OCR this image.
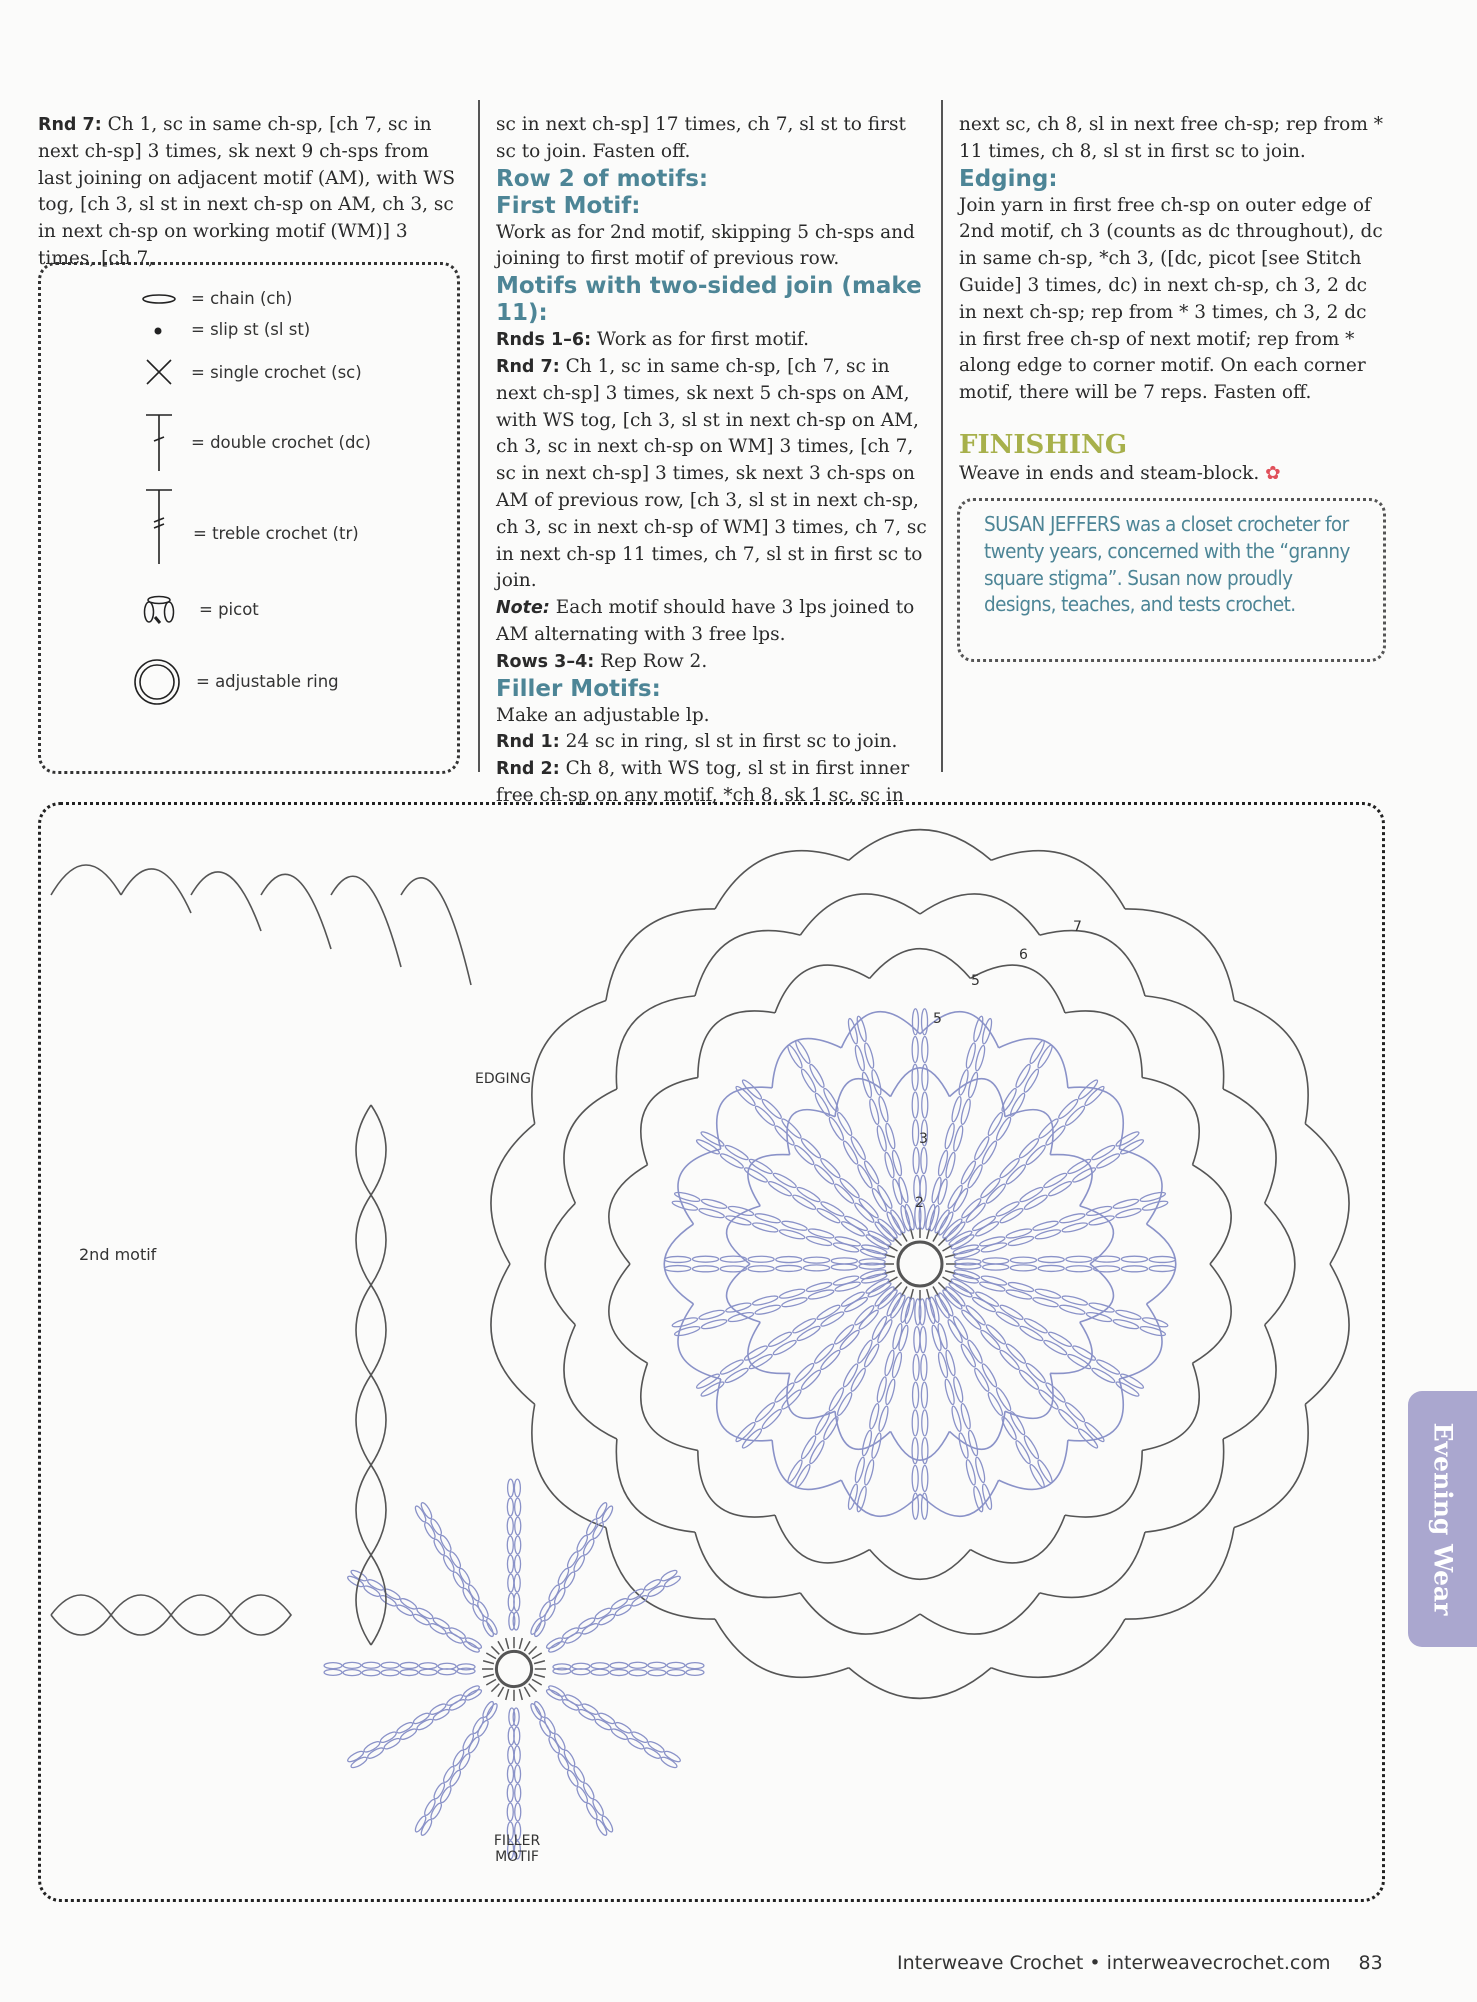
Rnd 7: Ch 1, sc in same ch-sp, [ch 7, sc in next ch-sp] 3 times, sk next 9 ch-sps from last joining on adjacent motif (AM), with WS tog, [ch 3, sl st in next ch-sp on AM, ch 3, sc in next ch-sp on working motif (WM)] 3 times, [ch 7,

= chain (ch)
= slip st (sl st)
= single crochet (sc)
= double crochet (dc)
= treble crochet (tr)
= picot
= adjustable ring

sc in next ch-sp] 17 times, ch 7, sl st to first sc to join. Fasten off.

Row 2 of motifs:

First Motif:

Work as for 2nd motif, skipping 5 ch-sps and joining to first motif of previous row.

Motifs with two-sided join (make 11):

Rnds 1–6: Work as for first motif.

Rnd 7: Ch 1, sc in same ch-sp, [ch 7, sc in next ch-sp] 3 times, sk next 5 ch-sps on AM, with WS tog, [ch 3, sl st in next ch-sp on AM, ch 3, sc in next ch-sp on WM] 3 times, [ch 7, sc in next ch-sp] 3 times, sk next 3 ch-sps on AM of previous row, [ch 3, sl st in next ch-sp, ch 3, sc in next ch-sp of WM] 3 times, ch 7, sc in next ch-sp 11 times, ch 7, sl st in first sc to join.

Note: Each motif should have 3 lps joined to AM alternating with 3 free lps.

Rows 3–4: Rep Row 2.

Filler Motifs:

Make an adjustable lp.

Rnd 1: 24 sc in ring, sl st in first sc to join.

Rnd 2: Ch 8, with WS tog, sl st in first inner free ch-sp on any motif, *ch 8, sk 1 sc, sc in

next sc, ch 8, sl in next free ch-sp; rep from * 11 times, ch 8, sl st in first sc to join.

Edging:

Join yarn in first free ch-sp on outer edge of 2nd motif, ch 3 (counts as dc throughout), dc in same ch-sp, *ch 3, ([dc, picot [see Stitch Guide] 3 times, dc) in next ch-sp, ch 3, 2 dc in next ch-sp; rep from * 3 times, ch 3, 2 dc in first free ch-sp of next motif; rep from * along edge to corner motif. On each corner motif, there will be 7 reps. Fasten off.

FINISHING

Weave in ends and steam-block. ✿

SUSAN JEFFERS was a closet crocheter for twenty years, concerned with the “granny square stigma”. Susan now proudly designs, teaches, and tests crochet.
EDGING
2nd motif
FILLER MOTIF
7
6
5
5
3
2
Evening Wear
Interweave Crochet • interweavecrochet.com 83
